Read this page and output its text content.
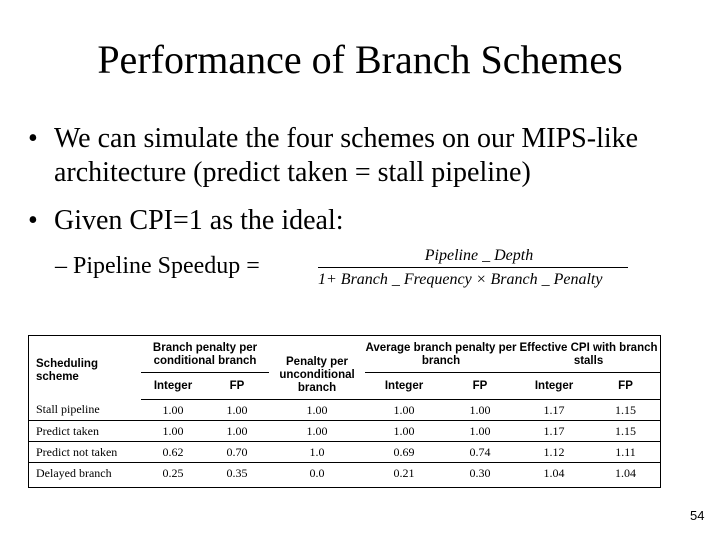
Performance of Branch Schemes
• We can simulate the four schemes on our MIPS-like architecture (predict taken = stall pipeline)
• Given CPI=1 as the ideal:
– Pipeline Speedup =	Pipeline _ Depth
1+ Branch _ Frequency × Branch _ Penalty
Scheduling scheme	Branch penalty per conditional branch		Penalty per unconditional branch	Average branch penalty per branch		Effective CPI with branch stalls	
	Integer	FP		Integer	FP	Integer	FP
Stall pipeline	1.00	1.00	1.00	1.00	1.00	1.17	1.15
Predict taken	1.00	1.00	1.00	1.00	1.00	1.17	1.15
Predict not taken	0.62	0.70	1.0	0.69	0.74	1.12	1.11
Delayed branch	0.25	0.35	0.0	0.21	0.30	1.04	1.04
54
